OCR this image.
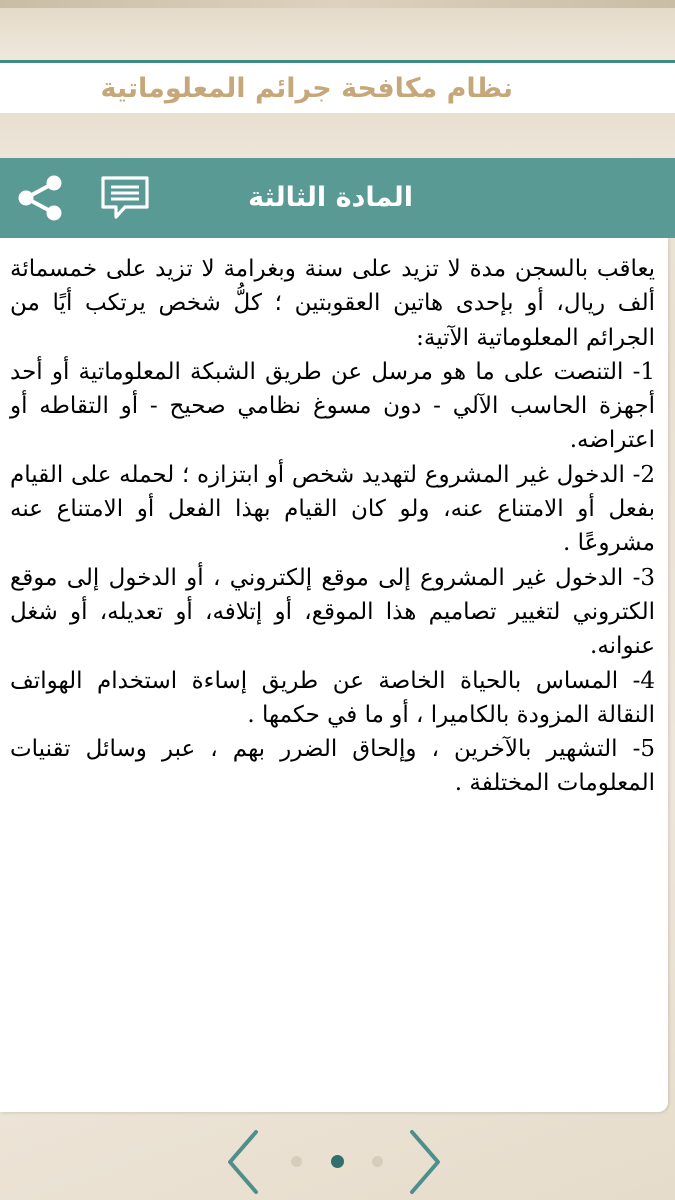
نظام مكافحة جرائم المعلوماتية
المادة الثالثة

يعاقب بالسجن مدة لا تزيد على سنة وبغرامة لا تزيد على خمسمائة ألف ريال، أو بإحدى هاتين العقوبتين ؛ كلُّ شخص يرتكب أيًا من الجرائم المعلوماتية الآتية:

1- التنصت على ما هو مرسل عن طريق الشبكة المعلوماتية أو أحد أجهزة الحاسب الآلي - دون مسوغ نظامي صحيح - أو التقاطه أو اعتراضه.

2- الدخول غير المشروع لتهديد شخص أو ابتزازه ؛ لحمله على القيام بفعل أو الامتناع عنه، ولو كان القيام بهذا الفعل أو الامتناع عنه مشروعًا .

3- الدخول غير المشروع إلى موقع إلكتروني ، أو الدخول إلى موقع الكتروني لتغيير تصاميم هذا الموقع، أو إتلافه، أو تعديله، أو شغل عنوانه.

4- المساس بالحياة الخاصة عن طريق إساءة استخدام الهواتف النقالة المزودة بالكاميرا ، أو ما في حكمها .

5- التشهير بالآخرين ، وإلحاق الضرر بهم ، عبر وسائل تقنيات المعلومات المختلفة .
